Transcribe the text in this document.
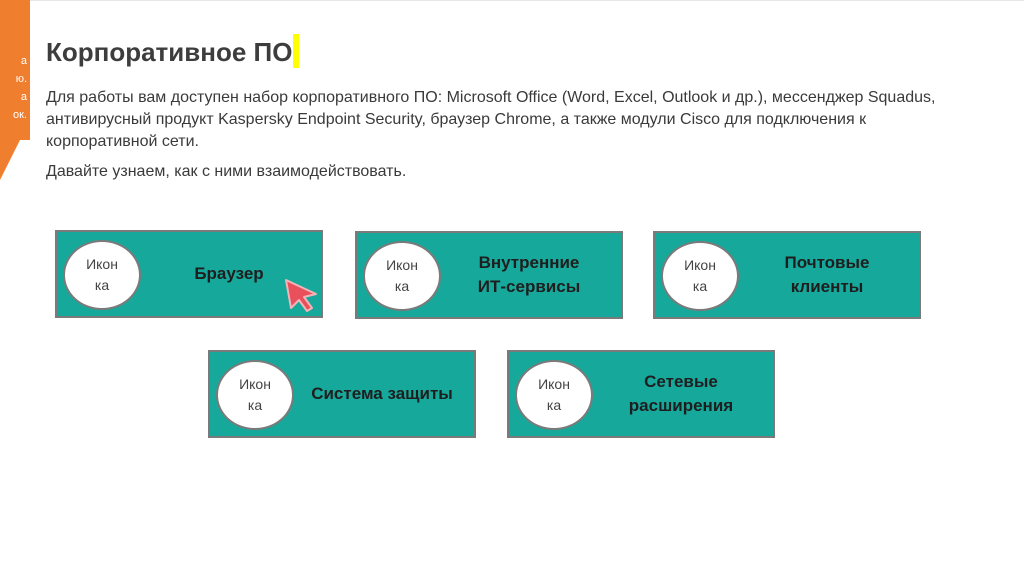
а
ю.
а
ок.
Корпоративное ПО

Для работы вам доступен набор корпоративного ПО: Microsoft Office (Word, Excel, Outlook и др.), мессенджер Squadus, антивирусный продукт Kaspersky Endpoint Security, браузер Chrome, а также модули Cisco для подключения к корпоративной сети.

Давайте узнаем, как с ними взаимодействовать.

Икон
ка
Браузер	Икон
ка
Внутренние
ИТ-сервисы
Икон
ка
Почтовые
клиенты
Икон
ка
Система защиты	Икон
ка
Сетевые
расширения
